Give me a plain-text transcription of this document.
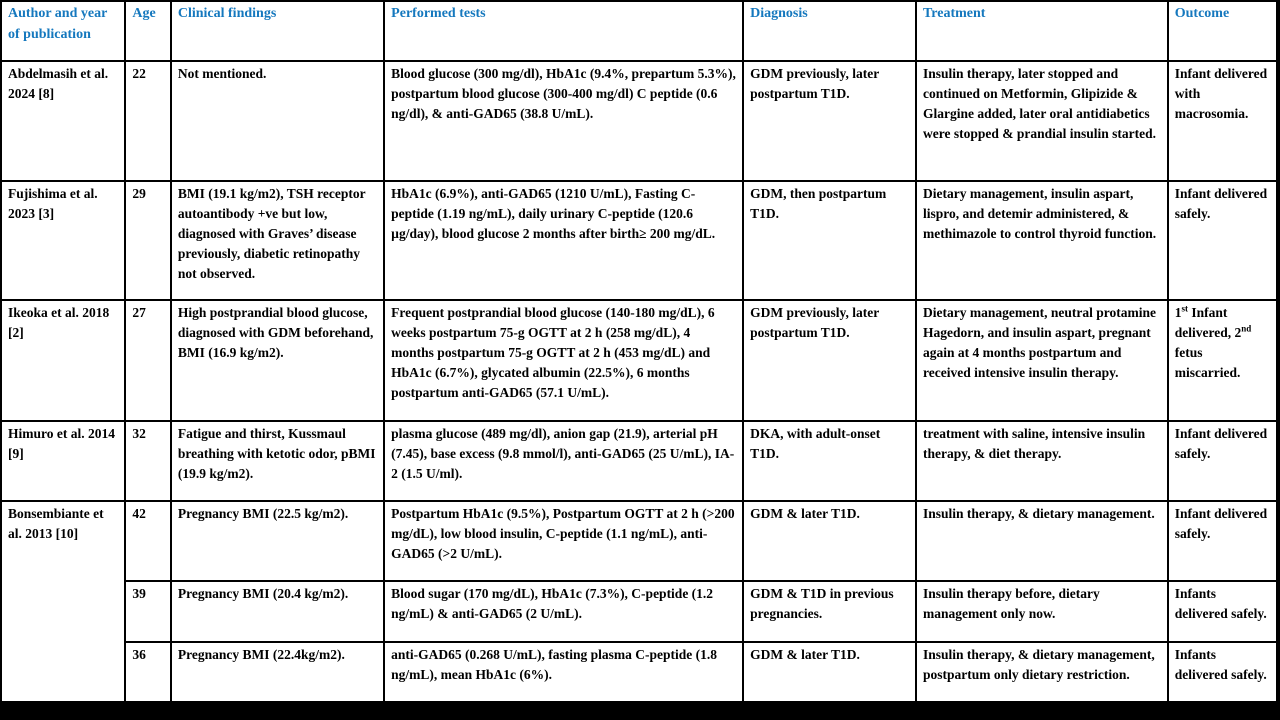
Author and year of publication	Age	Clinical findings	Performed tests	Diagnosis	Treatment	Outcome
Abdelmasih et al. 2024 [8]	22	Not mentioned.	Blood glucose (300 mg/dl), HbA1c (9.4%, prepartum 5.3%), postpartum blood glucose (300-400 mg/dl) C peptide (0.6 ng/dl), & anti-GAD65 (38.8 U/mL).	GDM previously, later postpartum T1D.	Insulin therapy, later stopped and continued on Metformin, Glipizide & Glargine added, later oral antidiabetics were stopped & prandial insulin started.	Infant delivered with macrosomia.
Fujishima et al. 2023 [3]	29	BMI (19.1 kg/m2), TSH receptor autoantibody +ve but low, diagnosed with Graves’ disease previously, diabetic retinopathy not observed.	HbA1c (6.9%), anti-GAD65 (1210 U/mL), Fasting C-peptide (1.19 ng/mL), daily urinary C-peptide (120.6 µg/day), blood glucose 2 months after birth≥ 200 mg/dL.	GDM, then postpartum T1D.	Dietary management, insulin aspart, lispro, and detemir administered, & methimazole to control thyroid function.	Infant delivered safely.
Ikeoka et al. 2018 [2]	27	High postprandial blood glucose, diagnosed with GDM beforehand, BMI (16.9 kg/m2).	Frequent postprandial blood glucose (140-180 mg/dL), 6 weeks postpartum 75-g OGTT at 2 h (258 mg/dL), 4 months postpartum 75-g OGTT at 2 h (453 mg/dL) and HbA1c (6.7%), glycated albumin (22.5%), 6 months postpartum anti-GAD65 (57.1 U/mL).	GDM previously, later postpartum T1D.	Dietary management, neutral protamine Hagedorn, and insulin aspart, pregnant again at 4 months postpartum and received intensive insulin therapy.	1st Infant delivered, 2nd fetus miscarried.
Himuro et al. 2014 [9]	32	Fatigue and thirst, Kussmaul breathing with ketotic odor, pBMI (19.9 kg/m2).	plasma glucose (489 mg/dl), anion gap (21.9), arterial pH (7.45), base excess (9.8 mmol/l), anti-GAD65 (25 U/mL), IA-2 (1.5 U/ml).	DKA, with adult-onset T1D.	treatment with saline, intensive insulin therapy, & diet therapy.	Infant delivered safely.
Bonsembiante et al. 2013 [10]	42	Pregnancy BMI (22.5 kg/m2).	Postpartum HbA1c (9.5%), Postpartum OGTT at 2 h (>200 mg/dL), low blood insulin, C-peptide (1.1 ng/mL), anti-GAD65 (>2 U/mL).	GDM & later T1D.	Insulin therapy, & dietary management.	Infant delivered safely.
	39	Pregnancy BMI (20.4 kg/m2).	Blood sugar (170 mg/dL), HbA1c (7.3%), C-peptide (1.2 ng/mL) & anti-GAD65 (2 U/mL).	GDM & T1D in previous pregnancies.	Insulin therapy before, dietary management only now.	Infants delivered safely.
	36	Pregnancy BMI (22.4kg/m2).	anti-GAD65 (0.268 U/mL), fasting plasma C-peptide (1.8 ng/mL), mean HbA1c (6%).	GDM & later T1D.	Insulin therapy, & dietary management, postpartum only dietary restriction.	Infants delivered safely.
